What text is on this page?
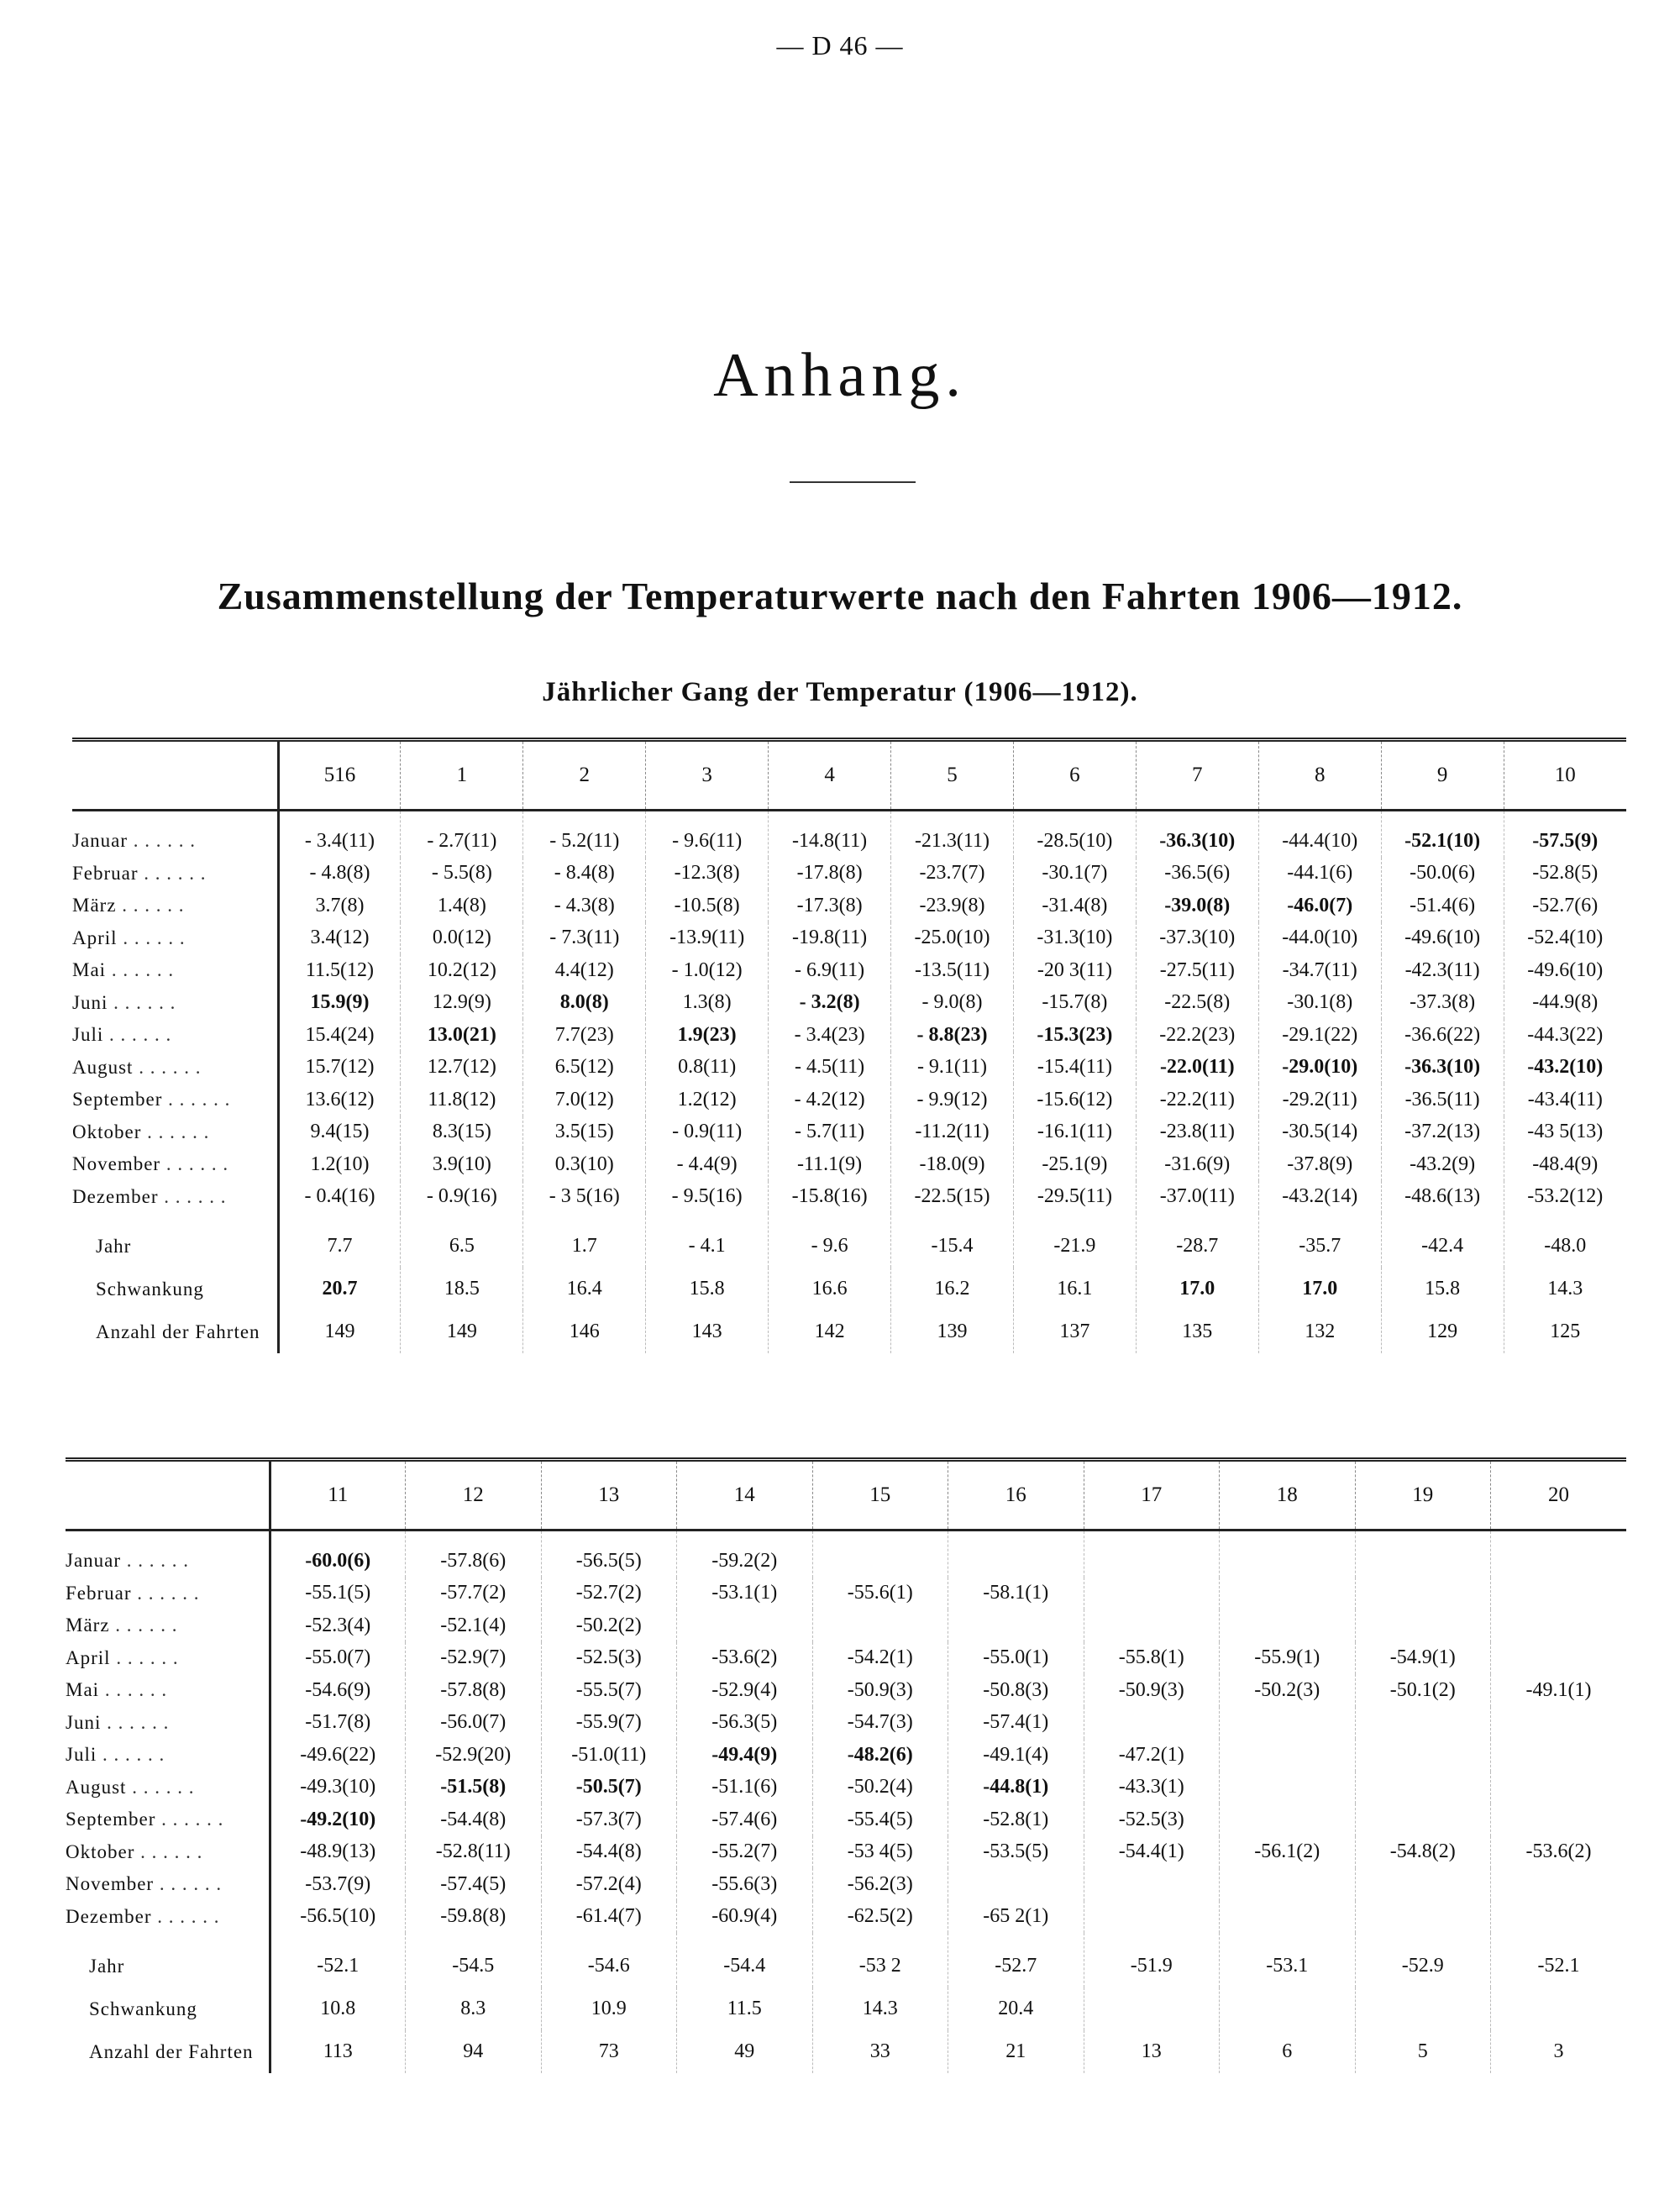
— D 46 —
Anhang.
Zusammenstellung der Temperaturwerte nach den Fahrten 1906—1912.
Jährlicher Gang der Temperatur (1906—1912).
	516	1	2	3	4	5	6	7	8	9	10
Januar . . .	- 3.4(11)	- 2.7(11)	- 5.2(11)	- 9.6(11)	-14.8(11)	-21.3(11)	-28.5(10)	-36.3(10)	-44.4(10)	-52.1(10)	-57.5(9)
Februar . . .	- 4.8(8)	- 5.5(8)	- 8.4(8)	-12.3(8)	-17.8(8)	-23.7(7)	-30.1(7)	-36.5(6)	-44.1(6)	-50.0(6)	-52.8(5)
März . . .	3.7(8)	1.4(8)	- 4.3(8)	-10.5(8)	-17.3(8)	-23.9(8)	-31.4(8)	-39.0(8)	-46.0(7)	-51.4(6)	-52.7(6)
April . . .	3.4(12)	0.0(12)	- 7.3(11)	-13.9(11)	-19.8(11)	-25.0(10)	-31.3(10)	-37.3(10)	-44.0(10)	-49.6(10)	-52.4(10)
Mai . . .	11.5(12)	10.2(12)	4.4(12)	- 1.0(12)	- 6.9(11)	-13.5(11)	-20 3(11)	-27.5(11)	-34.7(11)	-42.3(11)	-49.6(10)
Juni . . .	15.9(9)	12.9(9)	8.0(8)	1.3(8)	- 3.2(8)	- 9.0(8)	-15.7(8)	-22.5(8)	-30.1(8)	-37.3(8)	-44.9(8)
Juli . . .	15.4(24)	13.0(21)	7.7(23)	1.9(23)	- 3.4(23)	- 8.8(23)	-15.3(23)	-22.2(23)	-29.1(22)	-36.6(22)	-44.3(22)
August . . .	15.7(12)	12.7(12)	6.5(12)	0.8(11)	- 4.5(11)	- 9.1(11)	-15.4(11)	-22.0(11)	-29.0(10)	-36.3(10)	-43.2(10)
September . . .	13.6(12)	11.8(12)	7.0(12)	1.2(12)	- 4.2(12)	- 9.9(12)	-15.6(12)	-22.2(11)	-29.2(11)	-36.5(11)	-43.4(11)
Oktober . . .	9.4(15)	8.3(15)	3.5(15)	- 0.9(11)	- 5.7(11)	-11.2(11)	-16.1(11)	-23.8(11)	-30.5(14)	-37.2(13)	-43 5(13)
November . . .	1.2(10)	3.9(10)	0.3(10)	- 4.4(9)	-11.1(9)	-18.0(9)	-25.1(9)	-31.6(9)	-37.8(9)	-43.2(9)	-48.4(9)
Dezember . . .	- 0.4(16)	- 0.9(16)	- 3 5(16)	- 9.5(16)	-15.8(16)	-22.5(15)	-29.5(11)	-37.0(11)	-43.2(14)	-48.6(13)	-53.2(12)
Jahr	7.7	6.5	1.7	- 4.1	- 9.6	-15.4	-21.9	-28.7	-35.7	-42.4	-48.0
Schwankung	20.7	18.5	16.4	15.8	16.6	16.2	16.1	17.0	17.0	15.8	14.3
Anzahl der Fahrten	149	149	146	143	142	139	137	135	132	129	125
	11	12	13	14	15	16	17	18	19	20
Januar . . .	-60.0(6)	-57.8(6)	-56.5(5)	-59.2(2)						
Februar . . .	-55.1(5)	-57.7(2)	-52.7(2)	-53.1(1)	-55.6(1)	-58.1(1)				
März . . .	-52.3(4)	-52.1(4)	-50.2(2)							
April . . .	-55.0(7)	-52.9(7)	-52.5(3)	-53.6(2)	-54.2(1)	-55.0(1)	-55.8(1)	-55.9(1)	-54.9(1)	
Mai . . .	-54.6(9)	-57.8(8)	-55.5(7)	-52.9(4)	-50.9(3)	-50.8(3)	-50.9(3)	-50.2(3)	-50.1(2)	-49.1(1)
Juni . . .	-51.7(8)	-56.0(7)	-55.9(7)	-56.3(5)	-54.7(3)	-57.4(1)				
Juli . . .	-49.6(22)	-52.9(20)	-51.0(11)	-49.4(9)	-48.2(6)	-49.1(4)	-47.2(1)			
August . . .	-49.3(10)	-51.5(8)	-50.5(7)	-51.1(6)	-50.2(4)	-44.8(1)	-43.3(1)			
September . . .	-49.2(10)	-54.4(8)	-57.3(7)	-57.4(6)	-55.4(5)	-52.8(1)	-52.5(3)			
Oktober . . .	-48.9(13)	-52.8(11)	-54.4(8)	-55.2(7)	-53 4(5)	-53.5(5)	-54.4(1)	-56.1(2)	-54.8(2)	-53.6(2)
November . . .	-53.7(9)	-57.4(5)	-57.2(4)	-55.6(3)	-56.2(3)					
Dezember . . .	-56.5(10)	-59.8(8)	-61.4(7)	-60.9(4)	-62.5(2)	-65 2(1)				
Jahr	-52.1	-54.5	-54.6	-54.4	-53 2	-52.7	-51.9	-53.1	-52.9	-52.1
Schwankung	10.8	8.3	10.9	11.5	14.3	20.4				
Anzahl der Fahrten	113	94	73	49	33	21	13	6	5	3
